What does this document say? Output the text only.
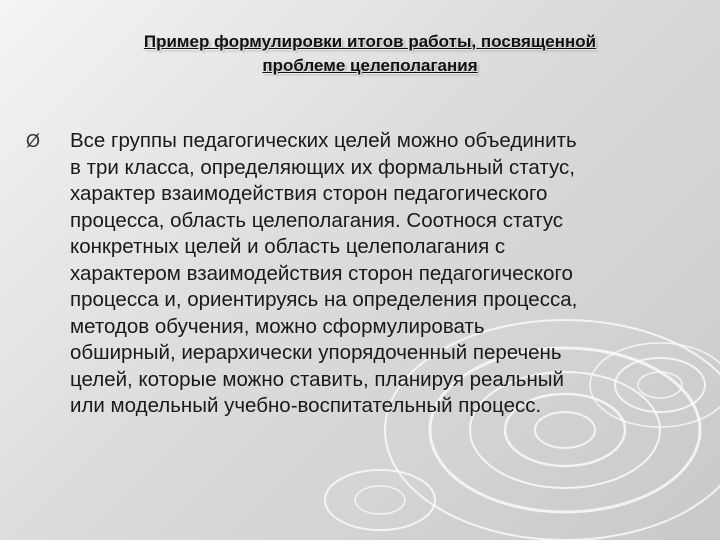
Пример формулировки итогов работы, посвященной
проблеме целеполагания
Ø	Все группы педагогических целей можно объединить
в три класса, определяющих их формальный статус,
характер взаимодействия сторон педагогического
процесса, область целеполагания. Соотнося статус
конкретных целей и область целеполагания с
характером взаимодействия сторон педагогического
процесса и, ориентируясь на определения процесса,
методов обучения, можно сформулировать
обширный, иерархически упорядоченный перечень
целей, которые можно ставить, планируя реальный
или модельный учебно-воспитательный процесс.
